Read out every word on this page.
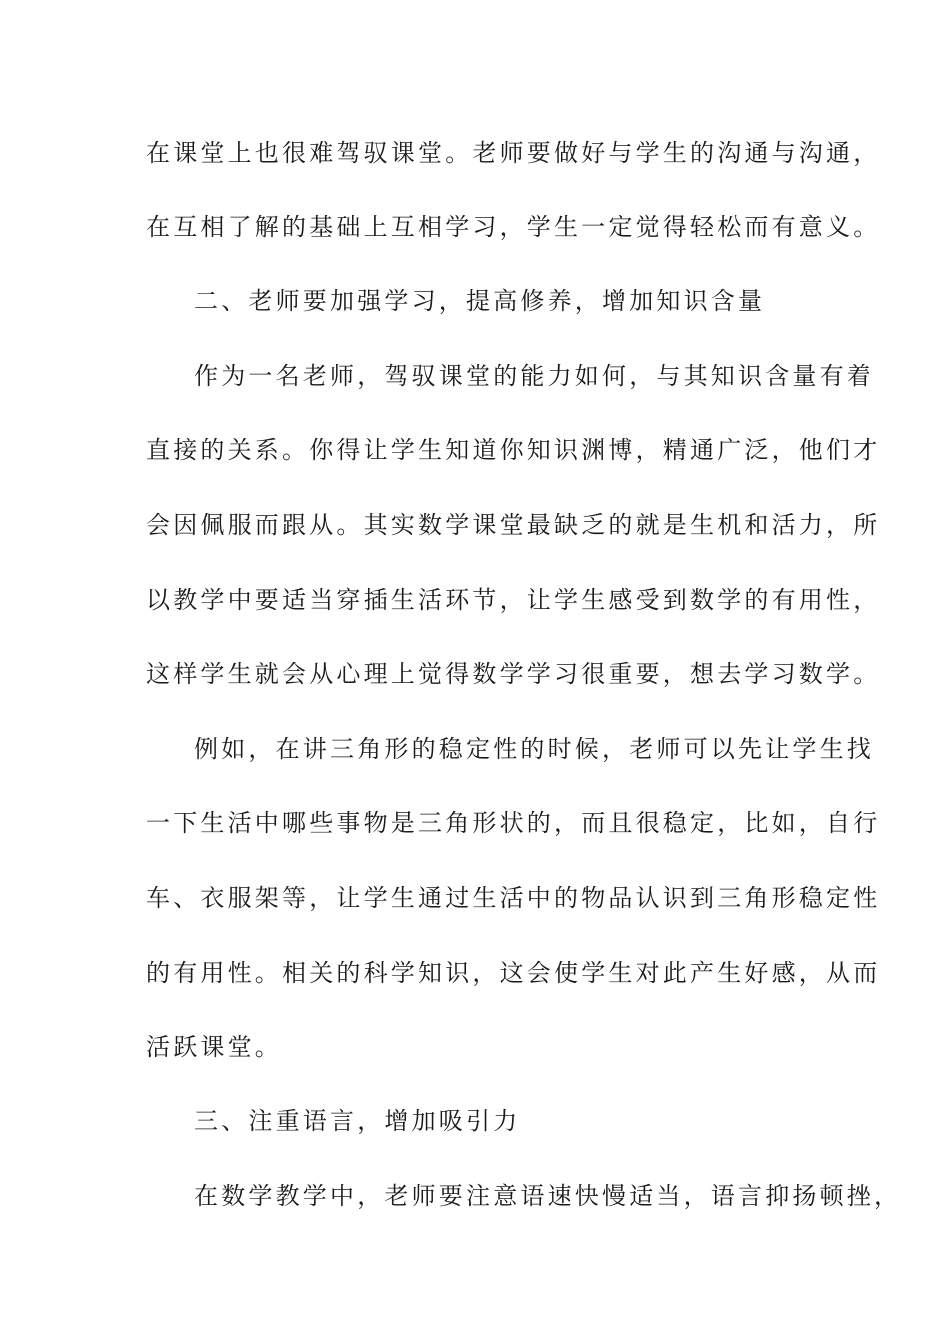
在课堂上也很难驾驭课堂。老师要做好与学生的沟通与沟通，
在互相了解的基础上互相学习，学生一定觉得轻松而有意义。
二、老师要加强学习，提高修养，增加知识含量
作为一名老师，驾驭课堂的能力如何，与其知识含量有着
直接的关系。你得让学生知道你知识渊博，精通广泛，他们才
会因佩服而跟从。其实数学课堂最缺乏的就是生机和活力，所
以教学中要适当穿插生活环节，让学生感受到数学的有用性，
这样学生就会从心理上觉得数学学习很重要，想去学习数学。
例如，在讲三角形的稳定性的时候，老师可以先让学生找
一下生活中哪些事物是三角形状的，而且很稳定，比如，自行
车、衣服架等，让学生通过生活中的物品认识到三角形稳定性
的有用性。相关的科学知识，这会使学生对此产生好感，从而
活跃课堂。
三、注重语言，增加吸引力
在数学教学中，老师要注意语速快慢适当，语言抑扬顿挫，
